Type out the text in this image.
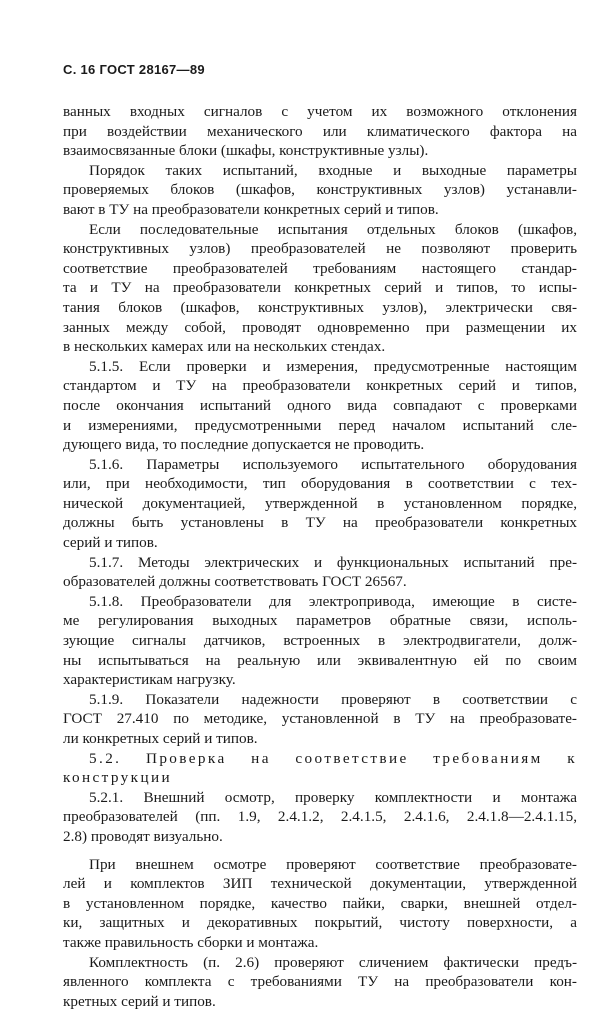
С. 16 ГОСТ 28167—89
ванных входных сигналов с учетом их возможного отклонения
при воздействии механического или климатического фактора на
взаимосвязанные блоки (шкафы, конструктивные узлы).
Порядок таких испытаний, входные и выходные параметры
проверяемых блоков (шкафов, конструктивных узлов) устанавли-
вают в ТУ на преобразователи конкретных серий и типов.
Если последовательные испытания отдельных блоков (шкафов,
конструктивных узлов) преобразователей не позволяют проверить
соответствие преобразователей требованиям настоящего стандар-
та и ТУ на преобразователи конкретных серий и типов, то испы-
тания блоков (шкафов, конструктивных узлов), электрически свя-
занных между собой, проводят одновременно при размещении их
в нескольких камерах или на нескольких стендах.
5.1.5. Если проверки и измерения, предусмотренные настоящим
стандартом и ТУ на преобразователи конкретных серий и типов,
после окончания испытаний одного вида совпадают с проверками
и измерениями, предусмотренными перед началом испытаний сле-
дующего вида, то последние допускается не проводить.
5.1.6. Параметры используемого испытательного оборудования
или, при необходимости, тип оборудования в соответствии с тех-
нической документацией, утвержденной в установленном порядке,
должны быть установлены в ТУ на преобразователи конкретных
серий и типов.
5.1.7. Методы электрических и функциональных испытаний пре-
образователей должны соответствовать ГОСТ 26567.
5.1.8. Преобразователи для электропривода, имеющие в систе-
ме регулирования выходных параметров обратные связи, исполь-
зующие сигналы датчиков, встроенных в электродвигатели, долж-
ны испытываться на реальную или эквивалентную ей по своим
характеристикам нагрузку.
5.1.9. Показатели надежности проверяют в соответствии с
ГОСТ 27.410 по методике, установленной в ТУ на преобразовате-
ли конкретных серий и типов.
5.2. Проверка на соответствие требованиям к
конструкции
5.2.1. Внешний осмотр, проверку комплектности и монтажа
преобразователей (пп. 1.9, 2.4.1.2, 2.4.1.5, 2.4.1.6, 2.4.1.8—2.4.1.15,
2.8) проводят визуально.
При внешнем осмотре проверяют соответствие преобразовате-
лей и комплектов ЗИП технической документации, утвержденной
в установленном порядке, качество пайки, сварки, внешней отдел-
ки, защитных и декоративных покрытий, чистоту поверхности, а
также правильность сборки и монтажа.
Комплектность (п. 2.6) проверяют сличением фактически предъ-
явленного комплекта с требованиями ТУ на преобразователи кон-
кретных серий и типов.
